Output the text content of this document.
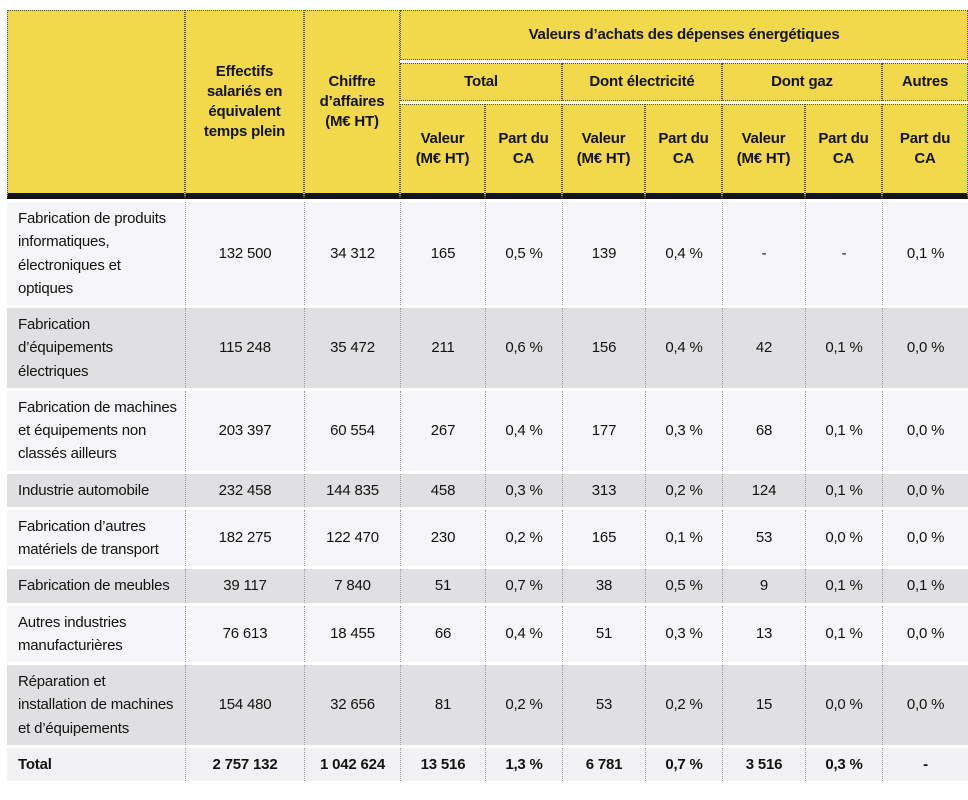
	Effectifs salariés en équivalent temps plein	Chiffre d’affaires (M€ HT)	Valeurs d’achats des dépenses énergétiques						
			Total		Dont électricité		Dont gaz		Autres
			Valeur (M€ HT)	Part du CA	Valeur (M€ HT)	Part du CA	Valeur (M€ HT)	Part du CA	Part du CA
Fabrication de produits informatiques, électroniques et optiques	132 500	34 312	165	0,5 %	139	0,4 %	-	-	0,1 %
Fabrication d’équipements électriques	115 248	35 472	211	0,6 %	156	0,4 %	42	0,1 %	0,0 %
Fabrication de machines et équipements non classés ailleurs	203 397	60 554	267	0,4 %	177	0,3 %	68	0,1 %	0,0 %
Industrie automobile	232 458	144 835	458	0,3 %	313	0,2 %	124	0,1 %	0,0 %
Fabrication d’autres matériels de transport	182 275	122 470	230	0,2 %	165	0,1 %	53	0,0 %	0,0 %
Fabrication de meubles	39 117	7 840	51	0,7 %	38	0,5 %	9	0,1 %	0,1 %
Autres industries manufacturières	76 613	18 455	66	0,4 %	51	0,3 %	13	0,1 %	0,0 %
Réparation et installation de machines et d’équipements	154 480	32 656	81	0,2 %	53	0,2 %	15	0,0 %	0,0 %
Total	2 757 132	1 042 624	13 516	1,3 %	6 781	0,7 %	3 516	0,3 %	-
